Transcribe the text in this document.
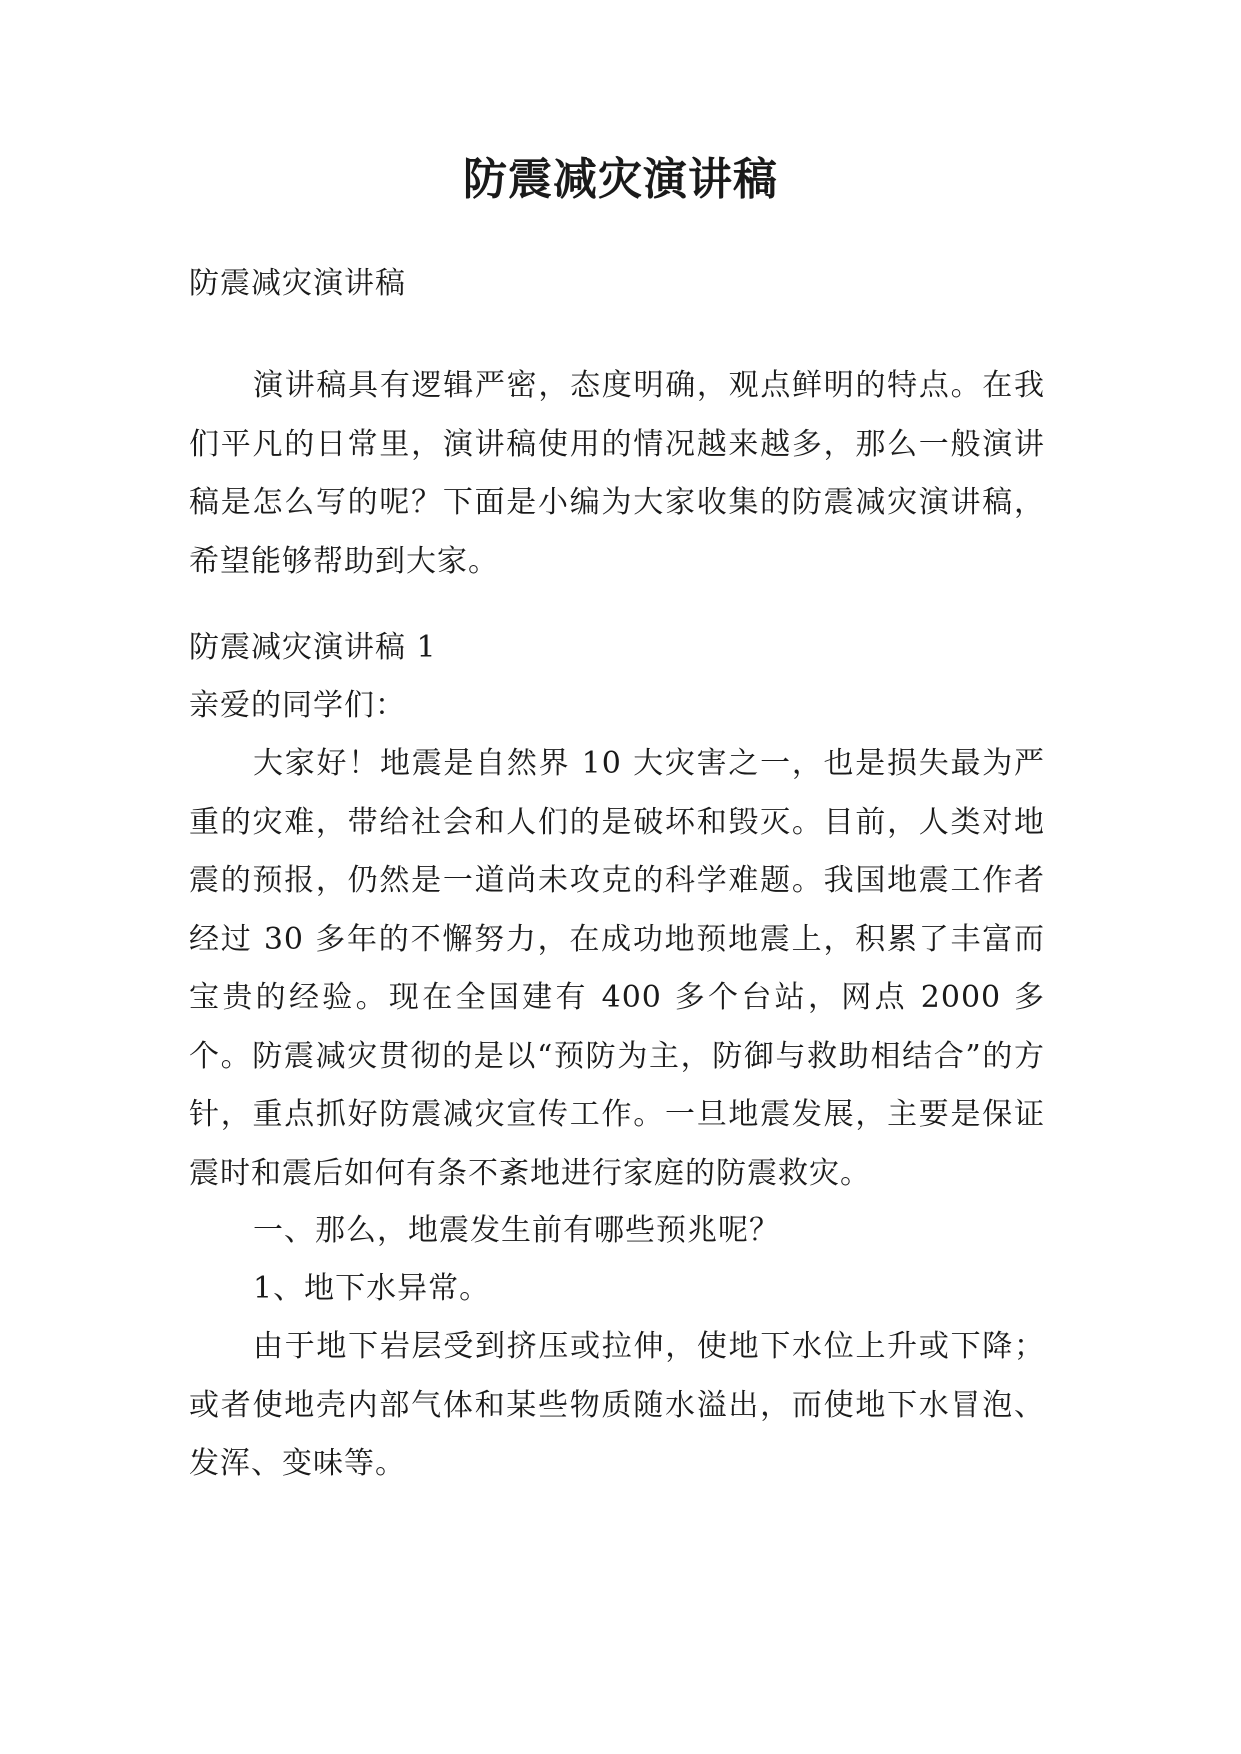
防震减灾演讲稿
防震减灾演讲稿
演讲稿具有逻辑严密，态度明确，观点鲜明的特点。在我们平凡的日常里，演讲稿使用的情况越来越多，那么一般演讲稿是怎么写的呢？下面是小编为大家收集的防震减灾演讲稿，希望能够帮助到大家。
防震减灾演讲稿 1
亲爱的同学们：
大家好！地震是自然界 10 大灾害之一，也是损失最为严重的灾难，带给社会和人们的是破坏和毁灭。目前，人类对地震的预报，仍然是一道尚未攻克的科学难题。我国地震工作者经过 30 多年的不懈努力，在成功地预地震上，积累了丰富而宝贵的经验。现在全国建有 400 多个台站，网点 2000 多个。防震减灾贯彻的是以“预防为主，防御与救助相结合”的方针，重点抓好防震减灾宣传工作。一旦地震发展，主要是保证震时和震后如何有条不紊地进行家庭的防震救灾。
一、那么，地震发生前有哪些预兆呢？
1、地下水异常。
由于地下岩层受到挤压或拉伸，使地下水位上升或下降；或者使地壳内部气体和某些物质随水溢出，而使地下水冒泡、发浑、变味等。
